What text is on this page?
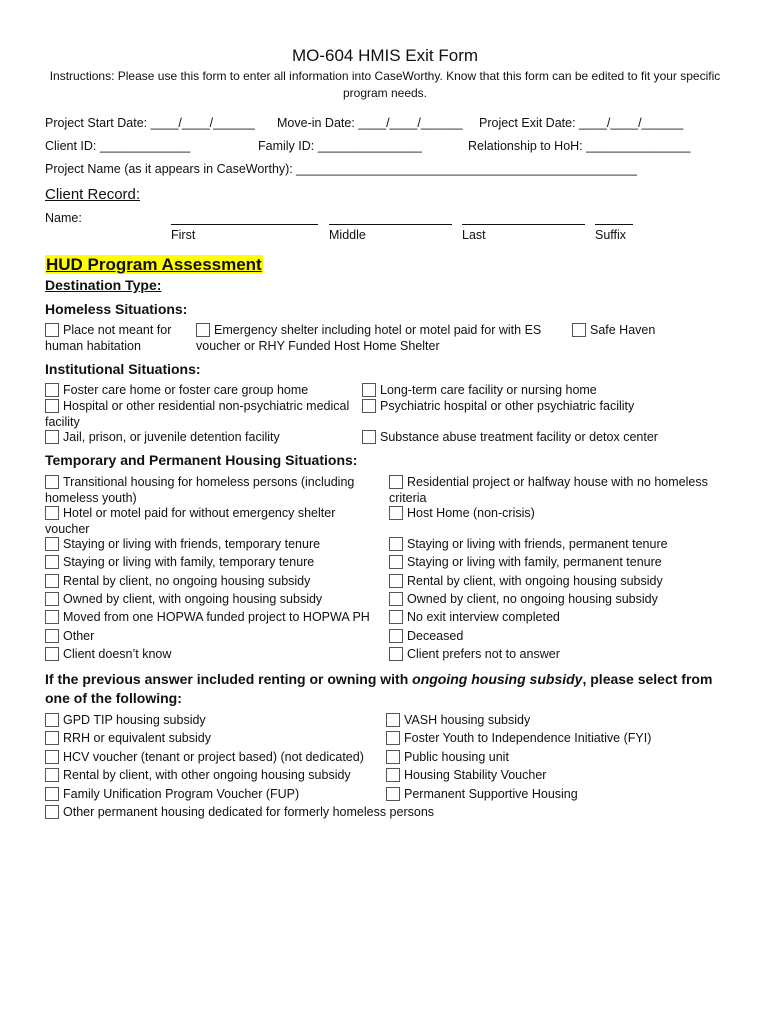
MO-604 HMIS Exit Form
Instructions: Please use this form to enter all information into CaseWorthy. Know that this form can be edited to fit your specific program needs.
Project Start Date: ____/____/______ Move-in Date: ____/____/______ Project Exit Date: ____/____/______
Client ID: _____________	Family ID: _______________	Relationship to HoH: _______________
Project Name (as it appears in CaseWorthy): _________________________________________________
Client Record:
Name:
First	Middle	Last	Suffix
HUD Program Assessment
Destination Type:
Homeless Situations:
Place not meant for human habitation
Emergency shelter including hotel or motel paid for with ES voucher or RHY Funded Host Home Shelter
Safe Haven
Institutional Situations:
Foster care home or foster care group home
Hospital or other residential non-psychiatric medical facility
Jail, prison, or juvenile detention facility
Long-term care facility or nursing home
Psychiatric hospital or other psychiatric facility
Substance abuse treatment facility or detox center
Temporary and Permanent Housing Situations:
Transitional housing for homeless persons (including homeless youth)
Hotel or motel paid for without emergency shelter voucher
Staying or living with friends, temporary tenure
Staying or living with family, temporary tenure
Rental by client, no ongoing housing subsidy
Owned by client, with ongoing housing subsidy
Moved from one HOPWA funded project to HOPWA PH
Other
Client doesn’t know
Residential project or halfway house with no homeless criteria
Host Home (non-crisis)
Staying or living with friends, permanent tenure
Staying or living with family, permanent tenure
Rental by client, with ongoing housing subsidy
Owned by client, no ongoing housing subsidy
No exit interview completed
Deceased
Client prefers not to answer
If the previous answer included renting or owning with ongoing housing subsidy, please select from one of the following:
GPD TIP housing subsidy
RRH or equivalent subsidy
HCV voucher (tenant or project based) (not dedicated)
Rental by client, with other ongoing housing subsidy
Family Unification Program Voucher (FUP)
Other permanent housing dedicated for formerly homeless persons
VASH housing subsidy
Foster Youth to Independence Initiative (FYI)
Public housing unit
Housing Stability Voucher
Permanent Supportive Housing
